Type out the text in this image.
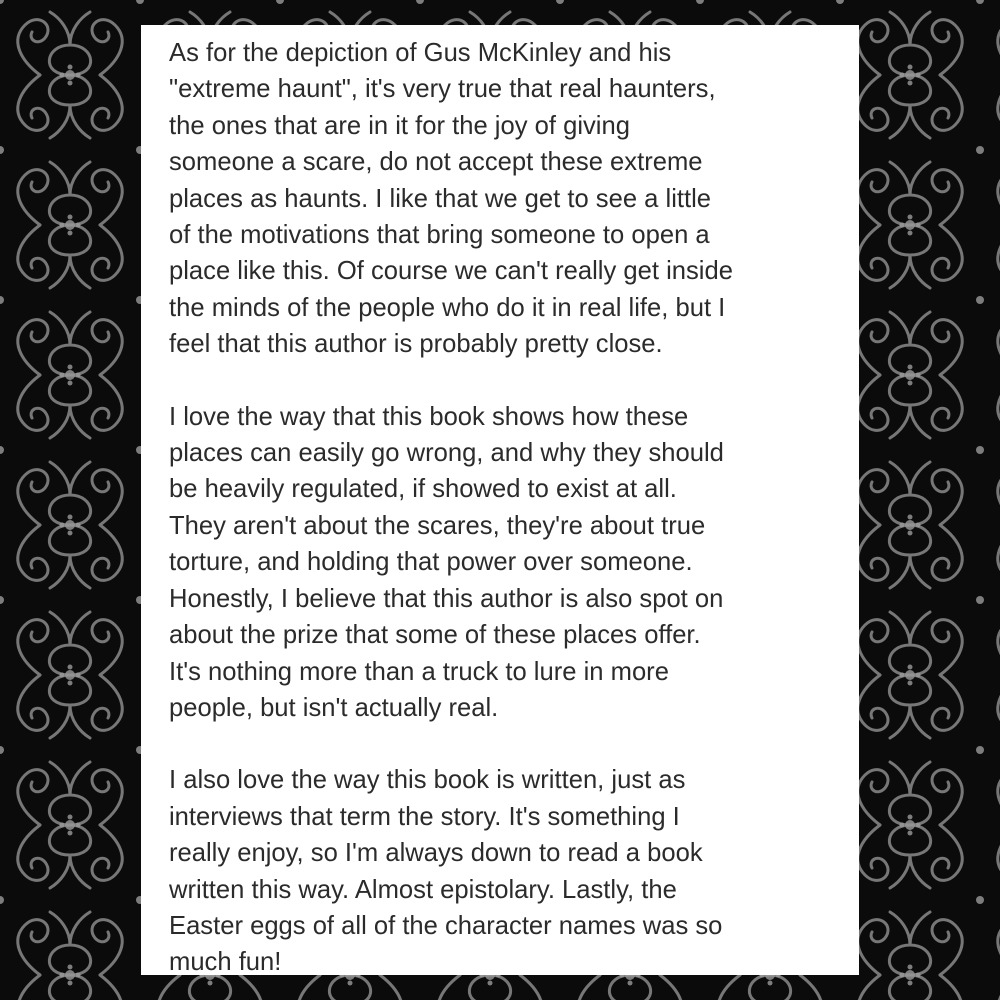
As for the depiction of Gus McKinley and his
"extreme haunt", it's very true that real haunters,
the ones that are in it for the joy of giving
someone a scare, do not accept these extreme
places as haunts. I like that we get to see a little
of the motivations that bring someone to open a
place like this. Of course we can't really get inside
the minds of the people who do it in real life, but I
feel that this author is probably pretty close.

I love the way that this book shows how these
places can easily go wrong, and why they should
be heavily regulated, if showed to exist at all.
They aren't about the scares, they're about true
torture, and holding that power over someone.
Honestly, I believe that this author is also spot on
about the prize that some of these places offer.
It's nothing more than a truck to lure in more
people, but isn't actually real.

I also love the way this book is written, just as
interviews that term the story. It's something I
really enjoy, so I'm always down to read a book
written this way. Almost epistolary. Lastly, the
Easter eggs of all of the character names was so
much fun!
